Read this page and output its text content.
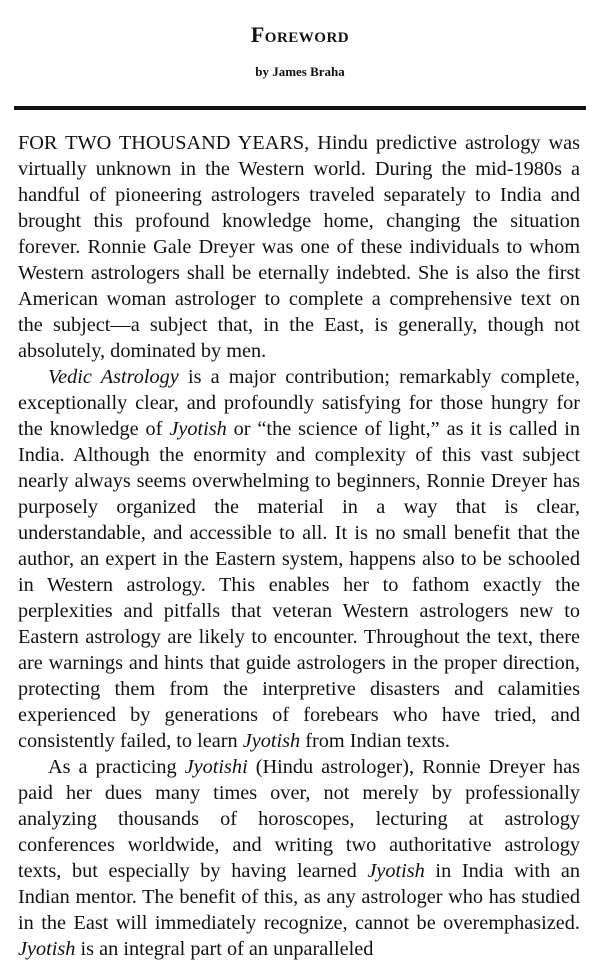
Foreword
by James Braha

FOR TWO THOUSAND YEARS, Hindu predictive astrology was virtually unknown in the Western world. During the mid-1980s a handful of pioneering astrologers traveled separately to India and brought this profound knowledge home, changing the situation forever. Ronnie Gale Dreyer was one of these individuals to whom Western astrologers shall be eternally indebted. She is also the first American woman astrologer to complete a comprehensive text on the subject—a subject that, in the East, is generally, though not absolutely, dominated by men.

Vedic Astrology is a major contribution; remarkably complete, exceptionally clear, and profoundly satisfying for those hungry for the knowledge of Jyotish or “the science of light,” as it is called in India. Although the enormity and complexity of this vast subject nearly always seems overwhelming to beginners, Ronnie Dreyer has purposely organized the material in a way that is clear, understandable, and accessible to all. It is no small benefit that the author, an expert in the Eastern system, happens also to be schooled in Western astrology. This enables her to fathom exactly the perplexities and pitfalls that veteran Western astrologers new to Eastern astrology are likely to encounter. Throughout the text, there are warnings and hints that guide astrologers in the proper direction, protecting them from the interpretive disasters and calamities experienced by generations of forebears who have tried, and consistently failed, to learn Jyotish from Indian texts.

As a practicing Jyotishi (Hindu astrologer), Ronnie Dreyer has paid her dues many times over, not merely by professionally analyzing thousands of horoscopes, lecturing at astrology conferences worldwide, and writing two authoritative astrology texts, but especially by having learned Jyotish in India with an Indian mentor. The benefit of this, as any astrologer who has studied in the East will immediately recognize, cannot be overemphasized. Jyotish is an integral part of an unparalleled
